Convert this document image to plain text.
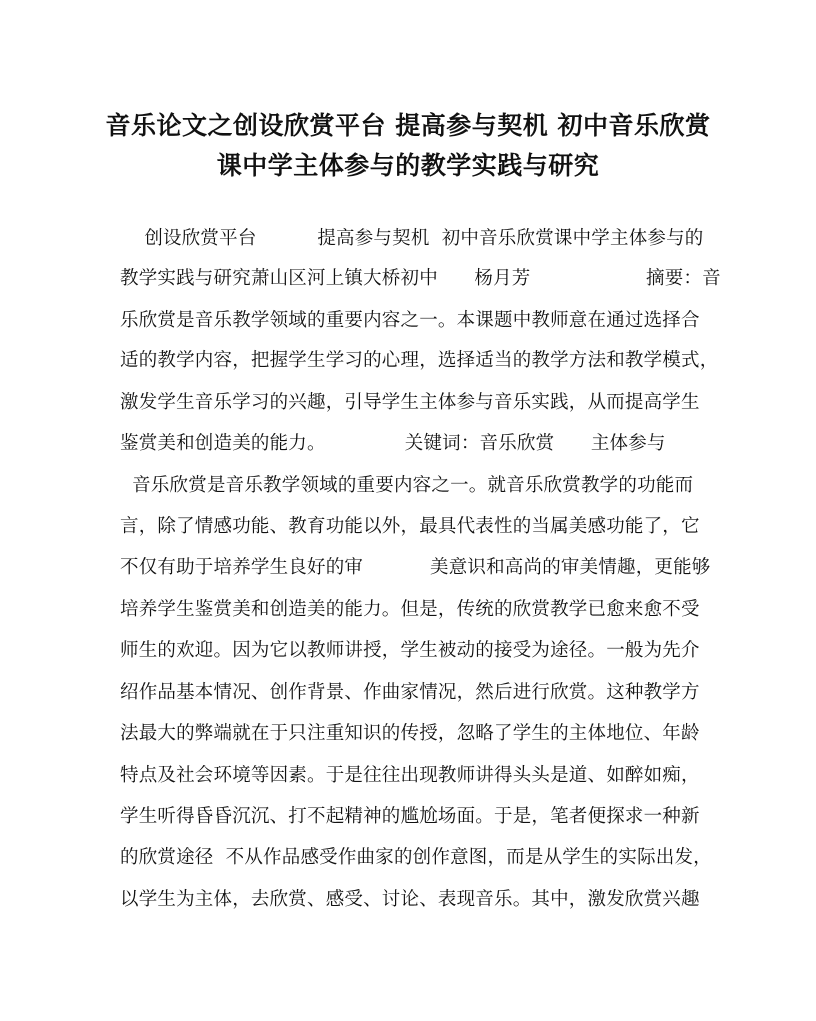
音乐论文之创设欣赏平台 提高参与契机 初中音乐欣赏
课中学主体参与的教学实践与研究
创设欣赏平台          提高参与契机  初中音乐欣赏课中学主体参与的
教学实践与研究萧山区河上镇大桥初中      杨月芳                   摘要：音
乐欣赏是音乐教学领域的重要内容之一。本课题中教师意在通过选择合
适的教学内容，把握学生学习的心理，选择适当的教学方法和教学模式，
激发学生音乐学习的兴趣，引导学生主体参与音乐实践，从而提高学生
鉴赏美和创造美的能力。             关键词：音乐欣赏      主体参与
音乐欣赏是音乐教学领域的重要内容之一。就音乐欣赏教学的功能而
言，除了情感功能、教育功能以外，最具代表性的当属美感功能了，它
不仅有助于培养学生良好的审           美意识和高尚的审美情趣，更能够
培养学生鉴赏美和创造美的能力。但是，传统的欣赏教学已愈来愈不受
师生的欢迎。因为它以教师讲授，学生被动的接受为途径。一般为先介
绍作品基本情况、创作背景、作曲家情况，然后进行欣赏。这种教学方
法最大的弊端就在于只注重知识的传授，忽略了学生的主体地位、年龄
特点及社会环境等因素。于是往往出现教师讲得头头是道、如醉如痴，
学生听得昏昏沉沉、打不起精神的尴尬场面。于是，笔者便探求一种新
的欣赏途径  不从作品感受作曲家的创作意图，而是从学生的实际出发，
以学生为主体，去欣赏、感受、讨论、表现音乐。其中，激发欣赏兴趣
